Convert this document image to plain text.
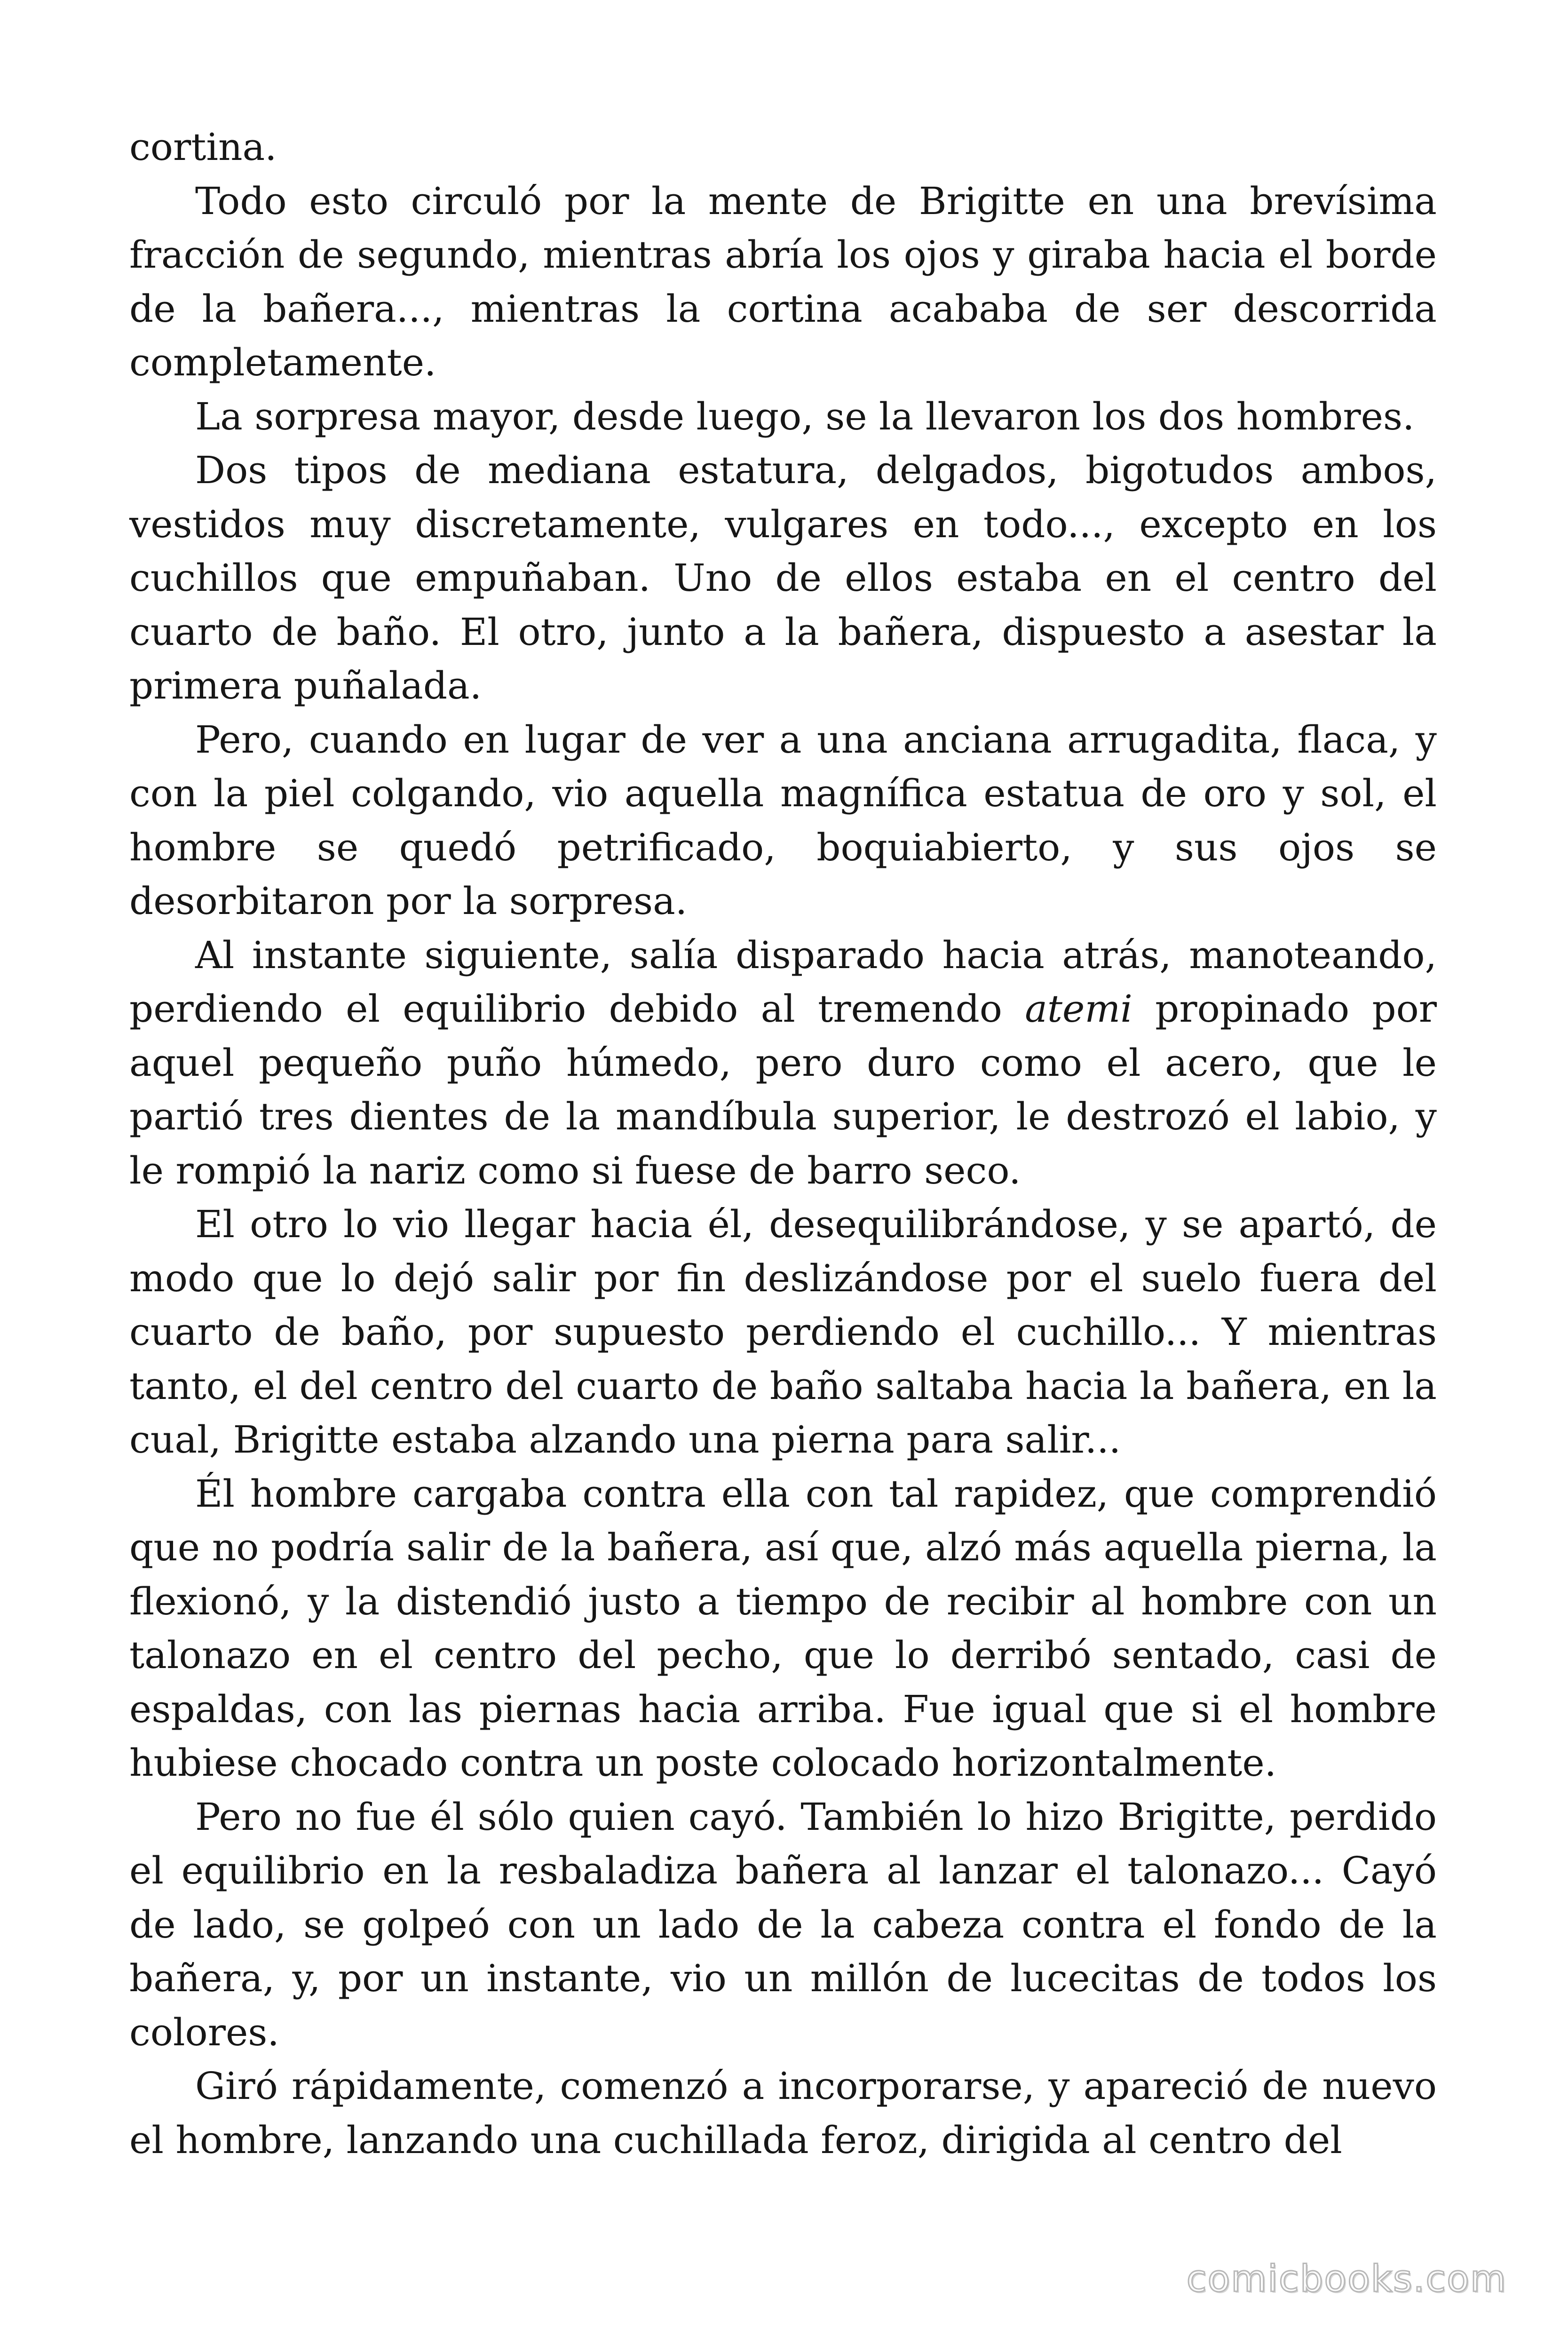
cortina.

Todo esto circuló por la mente de Brigitte en una brevísima fracción de segundo, mientras abría los ojos y giraba hacia el borde de la bañera..., mientras la cortina acababa de ser descorrida completamente.

La sorpresa mayor, desde luego, se la llevaron los dos hombres.

Dos tipos de mediana estatura, delgados, bigotudos ambos, vestidos muy discretamente, vulgares en todo..., excepto en los cuchillos que empuñaban. Uno de ellos estaba en el centro del cuarto de baño. El otro, junto a la bañera, dispuesto a asestar la primera puñalada.

Pero, cuando en lugar de ver a una anciana arrugadita, flaca, y con la piel colgando, vio aquella magnífica estatua de oro y sol, el hombre se quedó petrificado, boquiabierto, y sus ojos se desorbitaron por la sorpresa.

Al instante siguiente, salía disparado hacia atrás, manoteando, perdiendo el equilibrio debido al tremendo atemi propinado por aquel pequeño puño húmedo, pero duro como el acero, que le partió tres dientes de la mandíbula superior, le destrozó el labio, y le rompió la nariz como si fuese de barro seco.

El otro lo vio llegar hacia él, desequilibrándose, y se apartó, de modo que lo dejó salir por fin deslizándose por el suelo fuera del cuarto de baño, por supuesto perdiendo el cuchillo... Y mientras tanto, el del centro del cuarto de baño saltaba hacia la bañera, en la cual, Brigitte estaba alzando una pierna para salir...

Él hombre cargaba contra ella con tal rapidez, que comprendió que no podría salir de la bañera, así que, alzó más aquella pierna, la flexionó, y la distendió justo a tiempo de recibir al hombre con un talonazo en el centro del pecho, que lo derribó sentado, casi de espaldas, con las piernas hacia arriba. Fue igual que si el hombre hubiese chocado contra un poste colocado horizontalmente.

Pero no fue él sólo quien cayó. También lo hizo Brigitte, perdido el equilibrio en la resbaladiza bañera al lanzar el talonazo... Cayó de lado, se golpeó con un lado de la cabeza contra el fondo de la bañera, y, por un instante, vio un millón de lucecitas de todos los colores.

Giró rápidamente, comenzó a incorporarse, y apareció de nuevo el hombre, lanzando una cuchillada feroz, dirigida al centro del

comicbooks.com
